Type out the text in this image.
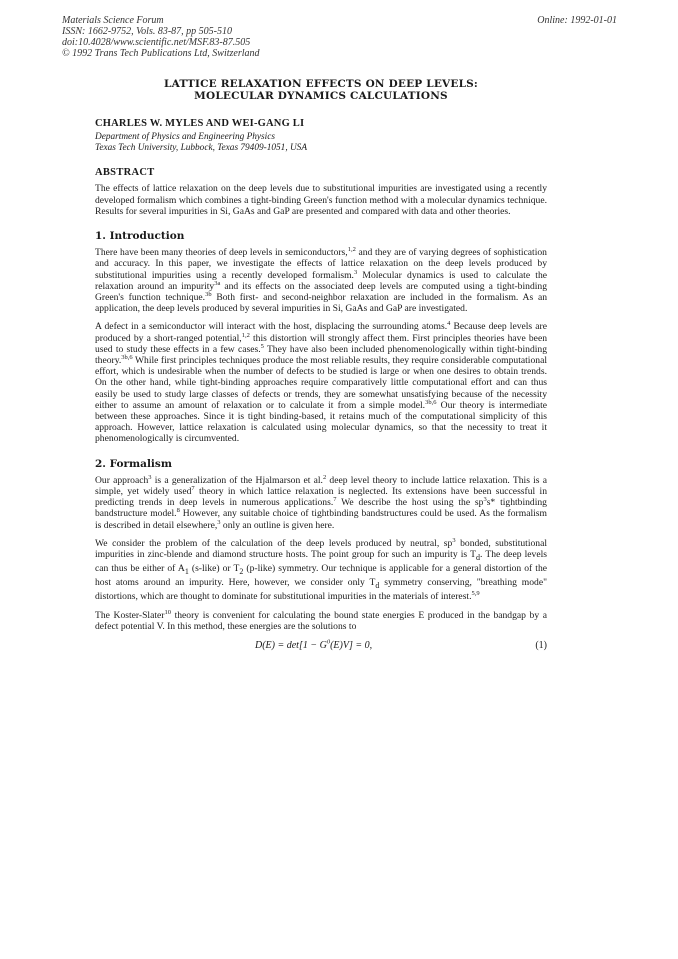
Materials Science Forum
ISSN: 1662-9752, Vols. 83-87, pp 505-510
doi:10.4028/www.scientific.net/MSF.83-87.505
© 1992 Trans Tech Publications Ltd, Switzerland
Online: 1992-01-01
LATTICE RELAXATION EFFECTS ON DEEP LEVELS:
MOLECULAR DYNAMICS CALCULATIONS
CHARLES W. MYLES AND WEI-GANG LI
Department of Physics and Engineering Physics
Texas Tech University, Lubbock, Texas 79409-1051, USA
ABSTRACT

The effects of lattice relaxation on the deep levels due to substitutional impurities are investigated using a recently developed formalism which combines a tight-binding Green's function method with a molecular dynamics technique. Results for several impurities in Si, GaAs and GaP are presented and compared with data and other theories.

1. Introduction

There have been many theories of deep levels in semiconductors,$^{1,2}$ and they are of varying degrees of sophistication and accuracy. In this paper, we investigate the effects of lattice relaxation on the deep levels produced by substitutional impurities using a recently developed formalism.$^3$ Molecular dynamics is used to calculate the relaxation around an impurity$^{3a}$ and its effects on the associated deep levels are computed using a tight-binding Green's function technique.$^{3b}$ Both first- and second-neighbor relaxation are included in the formalism. As an application, the deep levels produced by several impurities in Si, GaAs and GaP are investigated.

A defect in a semiconductor will interact with the host, displacing the surrounding atoms.$^4$ Because deep levels are produced by a short-ranged potential,$^{1,2}$ this distortion will strongly affect them. First principles theories have been used to study these effects in a few cases.$^5$ They have also been included phenomenologically within tight-binding theory.$^{3b,6}$ While first principles techniques produce the most reliable results, they require considerable computational effort, which is undesirable when the number of defects to be studied is large or when one desires to obtain trends. On the other hand, while tight-binding approaches require comparatively little computational effort and can thus easily be used to study large classes of defects or trends, they are somewhat unsatisfying because of the necessity either to assume an amount of relaxation or to calculate it from a simple model.$^{3b,6}$ Our theory is intermediate between these approaches. Since it is tight binding-based, it retains much of the computational simplicity of this approach. However, lattice relaxation is calculated using molecular dynamics, so that the necessity to treat it phenomenologically is circumvented.

2. Formalism

Our approach$^3$ is a generalization of the Hjalmarson et al.$^2$ deep level theory to include lattice relaxation. This is a simple, yet widely used$^7$ theory in which lattice relaxation is neglected. Its extensions have been successful in predicting trends in deep levels in numerous applications.$^7$ We describe the host using the $sp^3s*$ tightbinding bandstructure model.$^8$ However, any suitable choice of tightbinding bandstructures could be used. As the formalism is described in detail elsewhere,$^3$ only an outline is given here.

We consider the problem of the calculation of the deep levels produced by neutral, $sp^3$ bonded, substitutional impurities in zinc-blende and diamond structure hosts. The point group for such an impurity is $T_d$. The deep levels can thus be either of $A_1$ (s-like) or $T_2$ (p-like) symmetry. Our technique is applicable for a general distortion of the host atoms around an impurity. Here, however, we consider only $T_d$ symmetry conserving, "breathing mode" distortions, which are thought to dominate for substitutional impurities in the materials of interest.$^{5,9}$

The Koster-Slater$^{10}$ theory is convenient for calculating the bound state energies E produced in the bandgap by a defect potential V. In this method, these energies are the solutions to

$D(E) = \det[1 - G^0(E)V] = 0$,	(1)
